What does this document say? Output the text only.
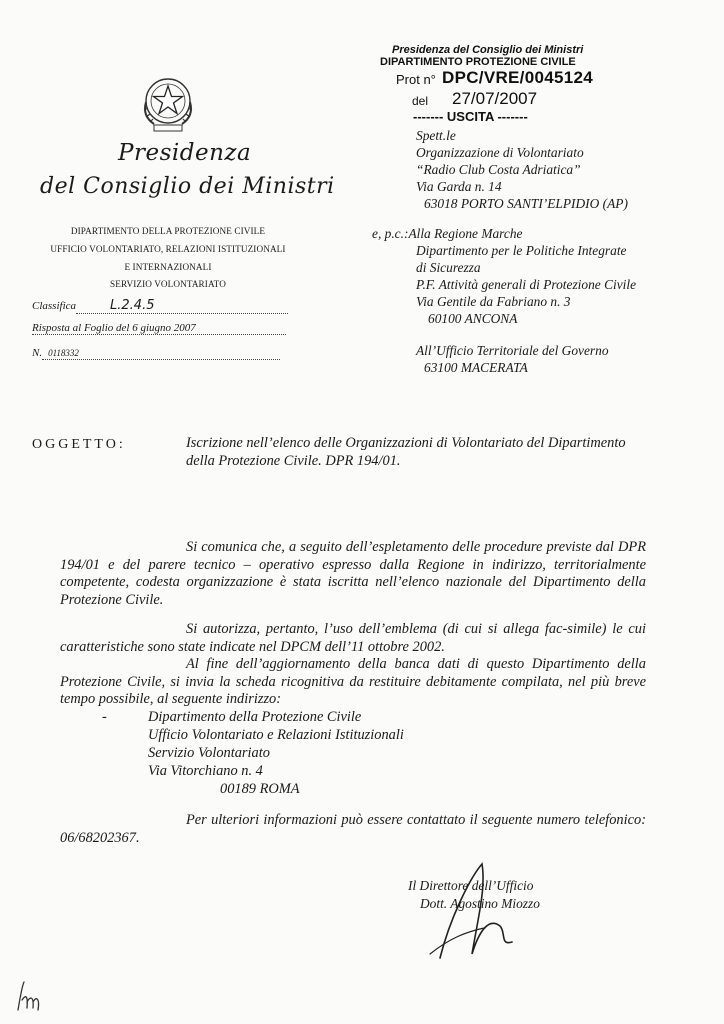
Presidenza
del Consiglio dei Ministri
DIPARTIMENTO DELLA PROTEZIONE CIVILE
UFFICIO VOLONTARIATO, RELAZIONI ISTITUZIONALI
E INTERNAZIONALI
SERVIZIO VOLONTARIATO
Classifica	L.2.4.5
Risposta al Foglio del 6 giugno 2007
N. 0118332
Presidenza del Consiglio dei Ministri
DIPARTIMENTO PROTEZIONE CIVILE
Prot n° DPC/VRE/0045124
del 27/07/2007
------- USCITA -------
Spett.le
Organizzazione di Volontariato
“Radio Club Costa Adriatica”
Via Garda n. 14
63018 PORTO SANTI’ELPIDIO (AP)
e, p.c.:Alla Regione Marche
Dipartimento per le Politiche Integrate
di Sicurezza
P.F. Attività generali di Protezione Civile
Via Gentile da Fabriano n. 3
60100 ANCONA
All’Ufficio Territoriale del Governo
63100 MACERATA
OGGETTO:	Iscrizione nell’elenco delle Organizzazioni di Volontariato del Dipartimento della Protezione Civile. DPR 194/01.

Si comunica che, a seguito dell’espletamento delle procedure previste dal DPR 194/01 e del parere tecnico – operativo espresso dalla Regione in indirizzo, territorialmente competente, codesta organizzazione è stata iscritta nell’elenco nazionale del Dipartimento della Protezione Civile.

Si autorizza, pertanto, l’uso dell’emblema (di cui si allega fac-simile) le cui caratteristiche sono state indicate nel DPCM dell’11 ottobre 2002.

Al fine dell’aggiornamento della banca dati di questo Dipartimento della Protezione Civile, si invia la scheda ricognitiva da restituire debitamente compilata, nel più breve tempo possibile, al seguente indirizzo:

-	Dipartimento della Protezione Civile
Ufficio Volontariato e Relazioni Istituzionali
Servizio Volontariato
Via Vitorchiano n. 4
00189 ROMA

Per ulteriori informazioni può essere contattato il seguente numero telefonico: 06/68202367.

Il Direttore dell’Ufficio
Dott. Agostino Miozzo
